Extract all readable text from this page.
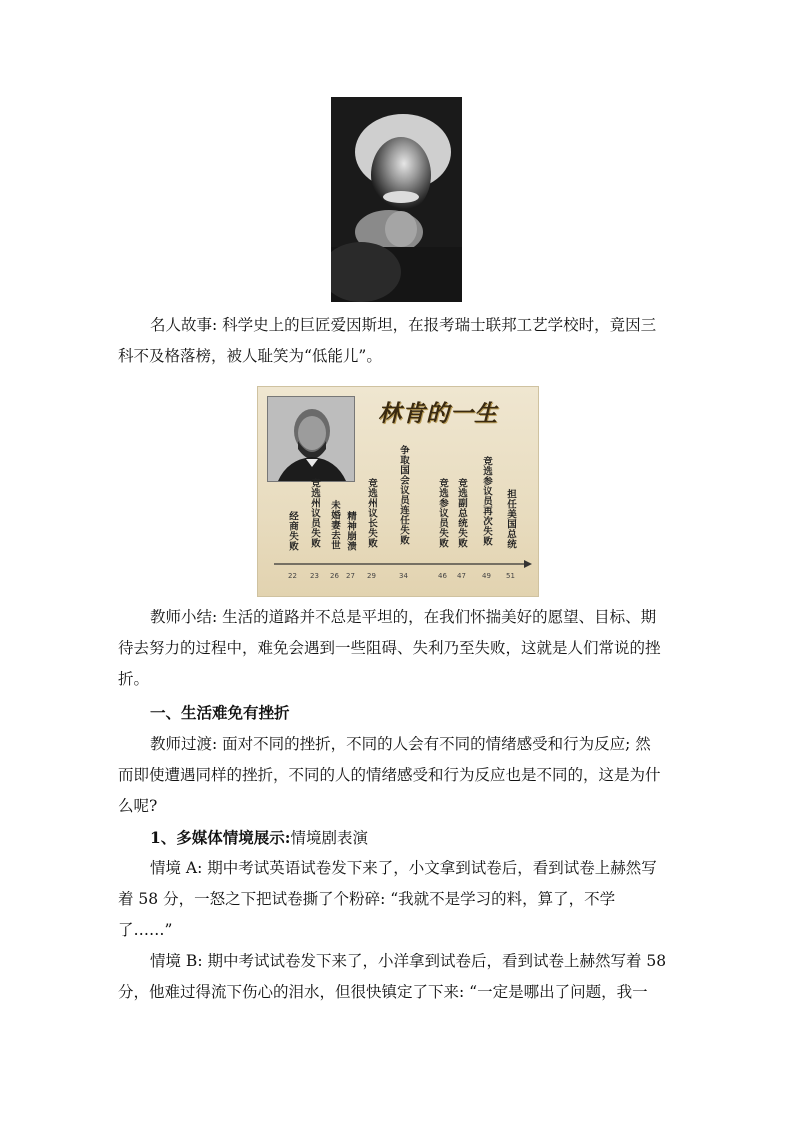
名人故事: 科学史上的巨匠爱因斯坦，在报考瑞士联邦工艺学校时，竟因三
科不及格落榜，被人耻笑为“低能儿”。
林肯的一生
经商失败 竞选州议员失败 未婚妻去世 精神崩溃 竞选州议长失败 争取国会议员连任失败	竞选参议员失败 竞选副总统失败 竞选参议员再次失败 担任美国总统
22 23 26 27 29	34	46 47 49 51
教师小结: 生活的道路并不总是平坦的，在我们怀揣美好的愿望、目标、期
待去努力的过程中，难免会遇到一些阻碍、失利乃至失败，这就是人们常说的挫
折。
一、生活难免有挫折
教师过渡: 面对不同的挫折，不同的人会有不同的情绪感受和行为反应; 然
而即使遭遇同样的挫折，不同的人的情绪感受和行为反应也是不同的，这是为什
么呢?
1、多媒体情境展示:情境剧表演
情境 A: 期中考试英语试卷发下来了，小文拿到试卷后，看到试卷上赫然写
着 58 分，一怒之下把试卷撕了个粉碎: “我就不是学习的料，算了，不学
了……”
情境 B: 期中考试试卷发下来了，小洋拿到试卷后，看到试卷上赫然写着 58
分，他难过得流下伤心的泪水，但很快镇定了下来: “一定是哪出了问题，我一
